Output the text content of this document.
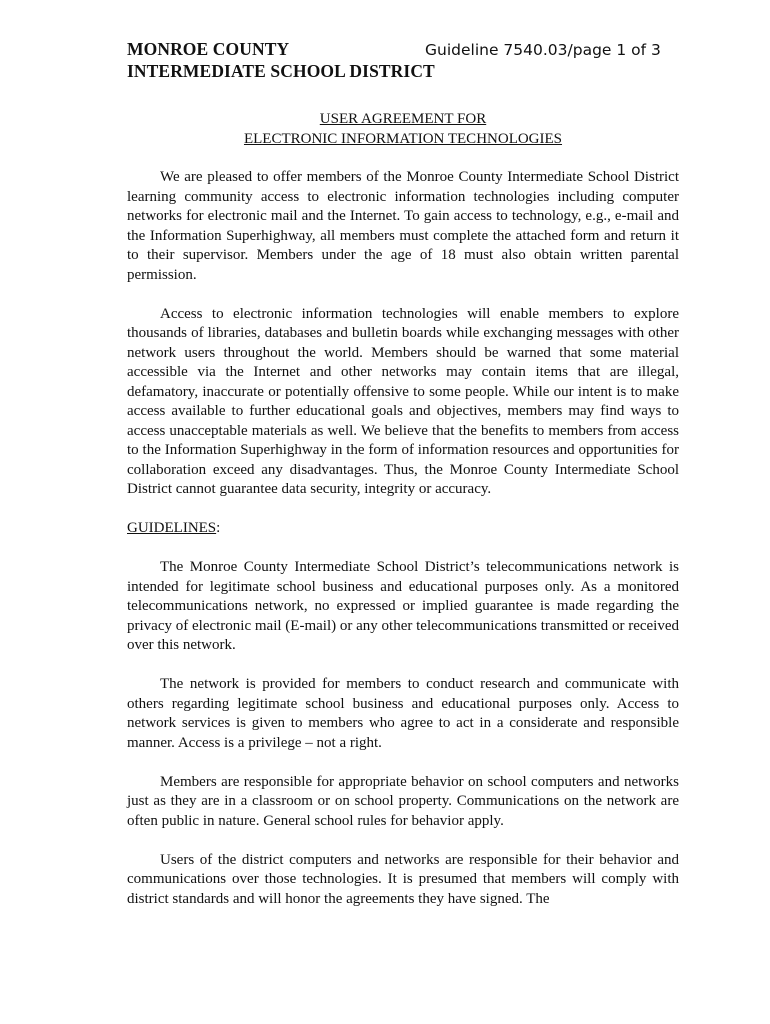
MONROE COUNTY	Guideline 7540.03/page 1 of 3
INTERMEDIATE SCHOOL DISTRICT
USER AGREEMENT FOR
ELECTRONIC INFORMATION TECHNOLOGIES

We are pleased to offer members of the Monroe County Intermediate School District learning community access to electronic information technologies including computer networks for electronic mail and the Internet. To gain access to technology, e.g., e-mail and the Information Superhighway, all members must complete the attached form and return it to their supervisor. Members under the age of 18 must also obtain written parental permission.

Access to electronic information technologies will enable members to explore thousands of libraries, databases and bulletin boards while exchanging messages with other network users throughout the world. Members should be warned that some material accessible via the Internet and other networks may contain items that are illegal, defamatory, inaccurate or potentially offensive to some people. While our intent is to make access available to further educational goals and objectives, members may find ways to access unacceptable materials as well. We believe that the benefits to members from access to the Information Superhighway in the form of information resources and opportunities for collaboration exceed any disadvantages. Thus, the Monroe County Intermediate School District cannot guarantee data security, integrity or accuracy.

GUIDELINES:

The Monroe County Intermediate School District’s telecommunications network is intended for legitimate school business and educational purposes only. As a monitored telecommunications network, no expressed or implied guarantee is made regarding the privacy of electronic mail (E-mail) or any other telecommunications transmitted or received over this network.

The network is provided for members to conduct research and communicate with others regarding legitimate school business and educational purposes only. Access to network services is given to members who agree to act in a considerate and responsible manner. Access is a privilege – not a right.

Members are responsible for appropriate behavior on school computers and networks just as they are in a classroom or on school property. Communications on the network are often public in nature. General school rules for behavior apply.

Users of the district computers and networks are responsible for their behavior and communications over those technologies. It is presumed that members will comply with district standards and will honor the agreements they have signed. The
